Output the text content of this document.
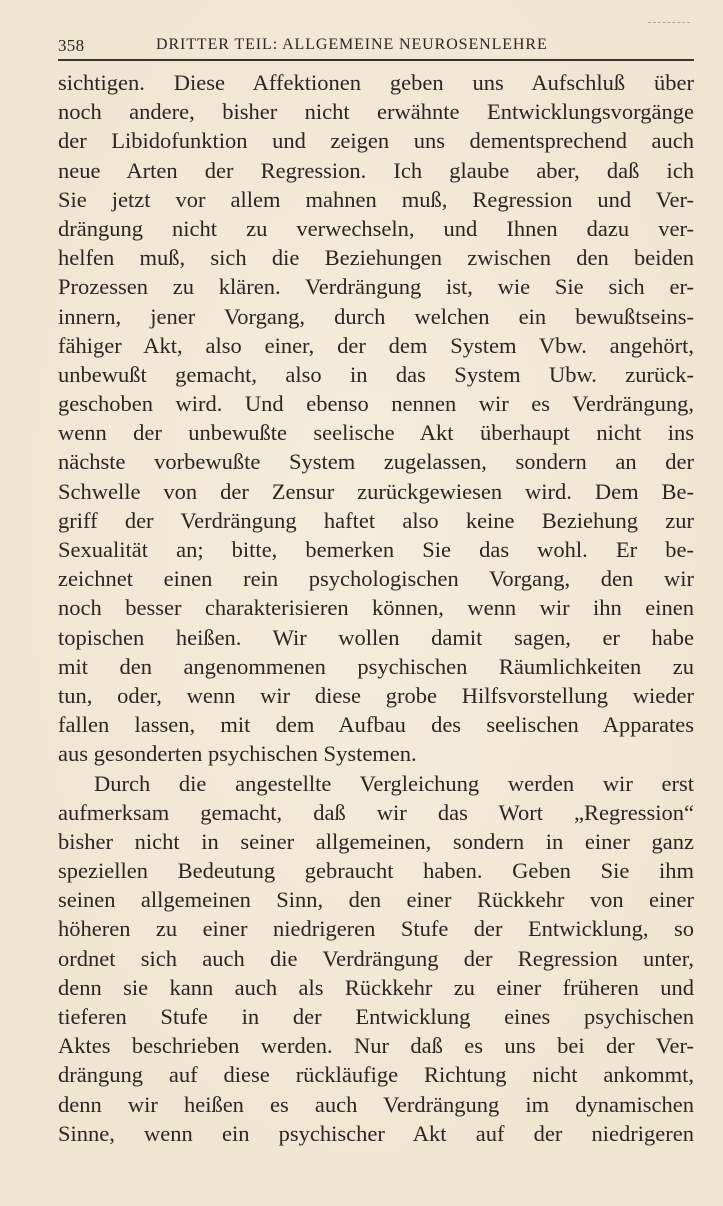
358	DRITTER TEIL: ALLGEMEINE NEUROSENLEHRE
sichtigen. Diese Affektionen geben uns Aufschluß über
noch andere, bisher nicht erwähnte Entwicklungsvorgänge
der Libidofunktion und zeigen uns dementsprechend auch
neue Arten der Regression. Ich glaube aber, daß ich
Sie jetzt vor allem mahnen muß, Regression und Ver-
drängung nicht zu verwechseln, und Ihnen dazu ver-
helfen muß, sich die Beziehungen zwischen den beiden
Prozessen zu klären. Verdrängung ist, wie Sie sich er-
innern, jener Vorgang, durch welchen ein bewußtseins-
fähiger Akt, also einer, der dem System Vbw. angehört,
unbewußt gemacht, also in das System Ubw. zurück-
geschoben wird. Und ebenso nennen wir es Verdrängung,
wenn der unbewußte seelische Akt überhaupt nicht ins
nächste vorbewußte System zugelassen, sondern an der
Schwelle von der Zensur zurückgewiesen wird. Dem Be-
griff der Verdrängung haftet also keine Beziehung zur
Sexualität an; bitte, bemerken Sie das wohl. Er be-
zeichnet einen rein psychologischen Vorgang, den wir
noch besser charakterisieren können, wenn wir ihn einen
topischen heißen. Wir wollen damit sagen, er habe
mit den angenommenen psychischen Räumlichkeiten zu
tun, oder, wenn wir diese grobe Hilfsvorstellung wieder
fallen lassen, mit dem Aufbau des seelischen Apparates
aus gesonderten psychischen Systemen.
Durch die angestellte Vergleichung werden wir erst
aufmerksam gemacht, daß wir das Wort „Regression“
bisher nicht in seiner allgemeinen, sondern in einer ganz
speziellen Bedeutung gebraucht haben. Geben Sie ihm
seinen allgemeinen Sinn, den einer Rückkehr von einer
höheren zu einer niedrigeren Stufe der Entwicklung, so
ordnet sich auch die Verdrängung der Regression unter,
denn sie kann auch als Rückkehr zu einer früheren und
tieferen Stufe in der Entwicklung eines psychischen
Aktes beschrieben werden. Nur daß es uns bei der Ver-
drängung auf diese rückläufige Richtung nicht ankommt,
denn wir heißen es auch Verdrängung im dynamischen
Sinne, wenn ein psychischer Akt auf der niedrigeren
